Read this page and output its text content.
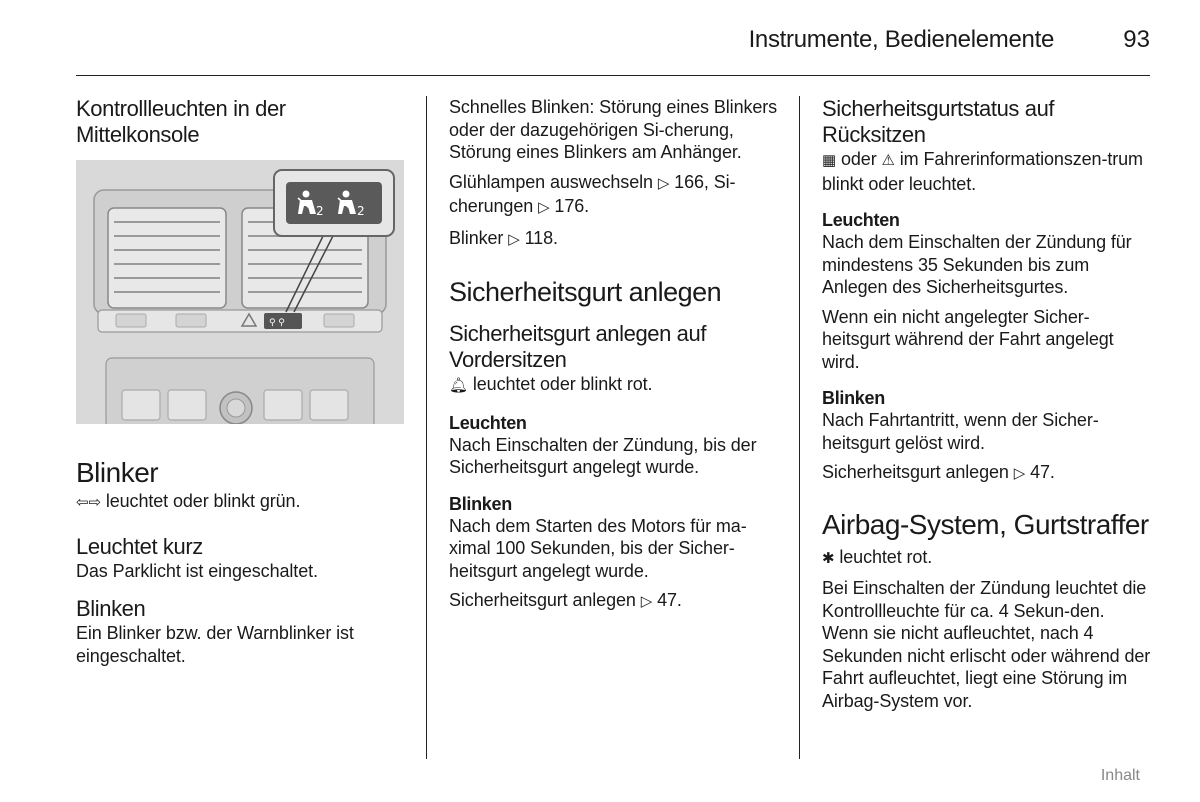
Instrumente, Bedienelemente	93
Kontrollleuchten in der Mittelkonsole
⚲ ⚲
2	2
Blinker

⇦⇨ leuchtet oder blinkt grün.

Leuchtet kurz

Das Parklicht ist eingeschaltet.

Blinken

Ein Blinker bzw. der Warnblinker ist eingeschaltet.

Schnelles Blinken: Störung eines Blinkers oder der dazugehörigen Si-cherung, Störung eines Blinkers am Anhänger.

Glühlampen auswechseln ▷ 166, Si-cherungen ▷ 176.

Blinker ▷ 118.

Sicherheitsgurt anlegen
Sicherheitsgurt anlegen auf Vordersitzen

🔔︎ leuchtet oder blinkt rot.

Leuchten

Nach Einschalten der Zündung, bis der Sicherheitsgurt angelegt wurde.

Blinken

Nach dem Starten des Motors für ma-ximal 100 Sekunden, bis der Sicher-heitsgurt angelegt wurde.

Sicherheitsgurt anlegen ▷ 47.

Sicherheitsgurtstatus auf Rücksitzen

▦ oder ⚠︎ im Fahrerinformationszen-trum blinkt oder leuchtet.

Leuchten

Nach dem Einschalten der Zündung für mindestens 35 Sekunden bis zum Anlegen des Sicherheitsgurtes.

Wenn ein nicht angelegter Sicher-heitsgurt während der Fahrt angelegt wird.

Blinken

Nach Fahrtantritt, wenn der Sicher-heitsgurt gelöst wird.

Sicherheitsgurt anlegen ▷ 47.

Airbag-System, Gurtstraffer

✱ leuchtet rot.

Bei Einschalten der Zündung leuchtet die Kontrollleuchte für ca. 4 Sekun-den. Wenn sie nicht aufleuchtet, nach 4 Sekunden nicht erlischt oder während der Fahrt aufleuchtet, liegt eine Störung im Airbag-System vor.

Inhalt
